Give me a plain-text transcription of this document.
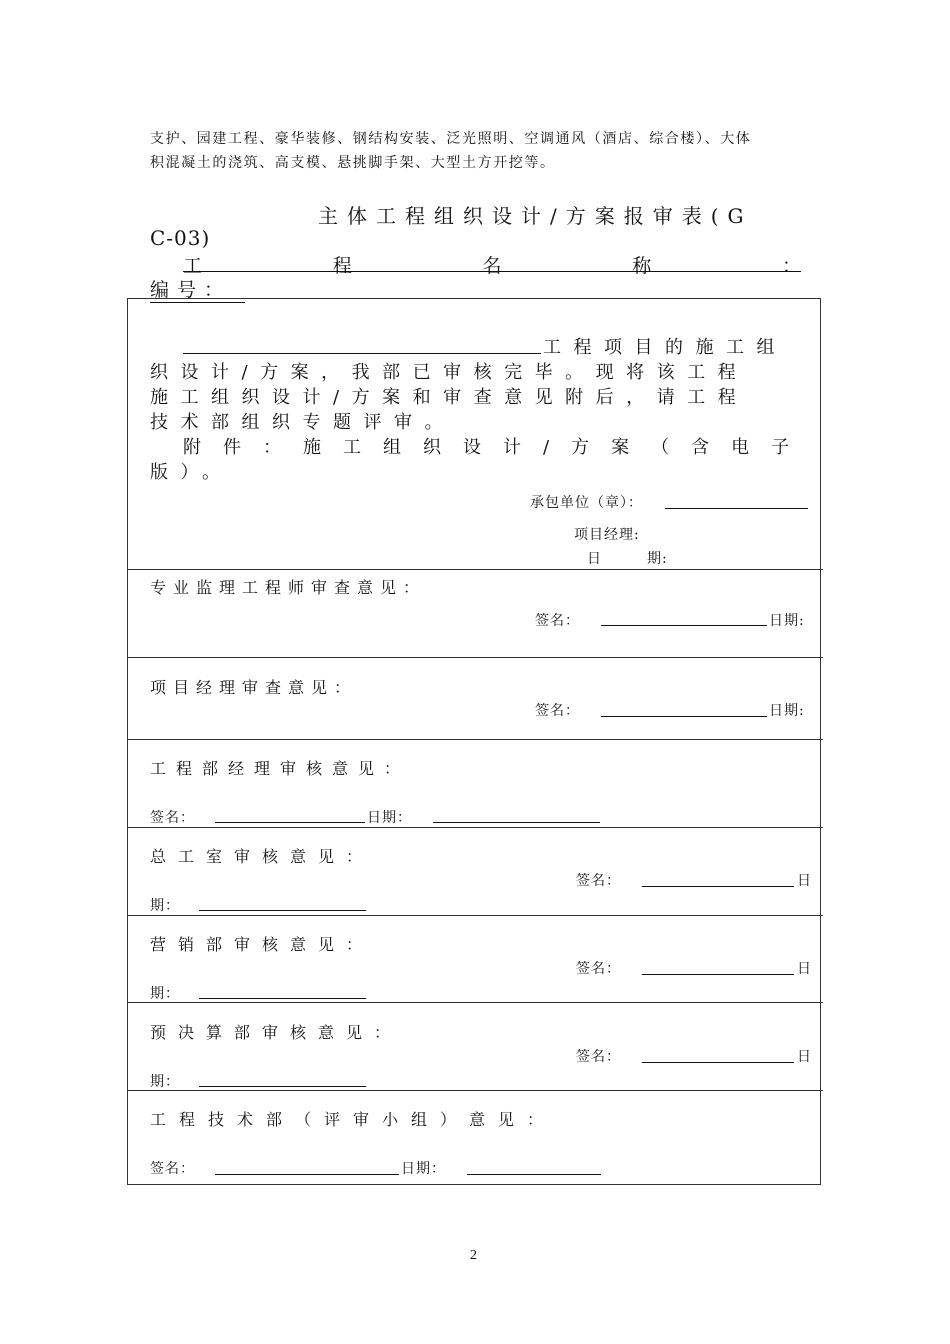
支护、园建工程、豪华装修、钢结构安装、泛光照明、空调通风（酒店、综合楼）、大体
积混凝土的浇筑、高支模、悬挑脚手架、大型土方开挖等。
主体工程组织设计/方案报审表(G
C-03)
工	程	名	称	：
编号：
工程项目的施工组
织设计/方案，我部已审核完毕。现将该工程
施工组织设计/方案和审查意见附后，请工程
技术部组织专题评审。
附件：施工组织设计/方案（含电子
版）。
承包单位（章）：
项目经理:
日　　　期:
专业监理工程师审查意见：
签名：	日期:
项目经理审查意见：
签名：	日期:
工程部经理审核意见：
签名：	日期：
总工室审核意见：
签名：	日
期：
营销部审核意见：
签名：	日
期：
预决算部审核意见：
签名：	日
期：
工程技术部（评审小组）意见：
签名：	日期：
2
